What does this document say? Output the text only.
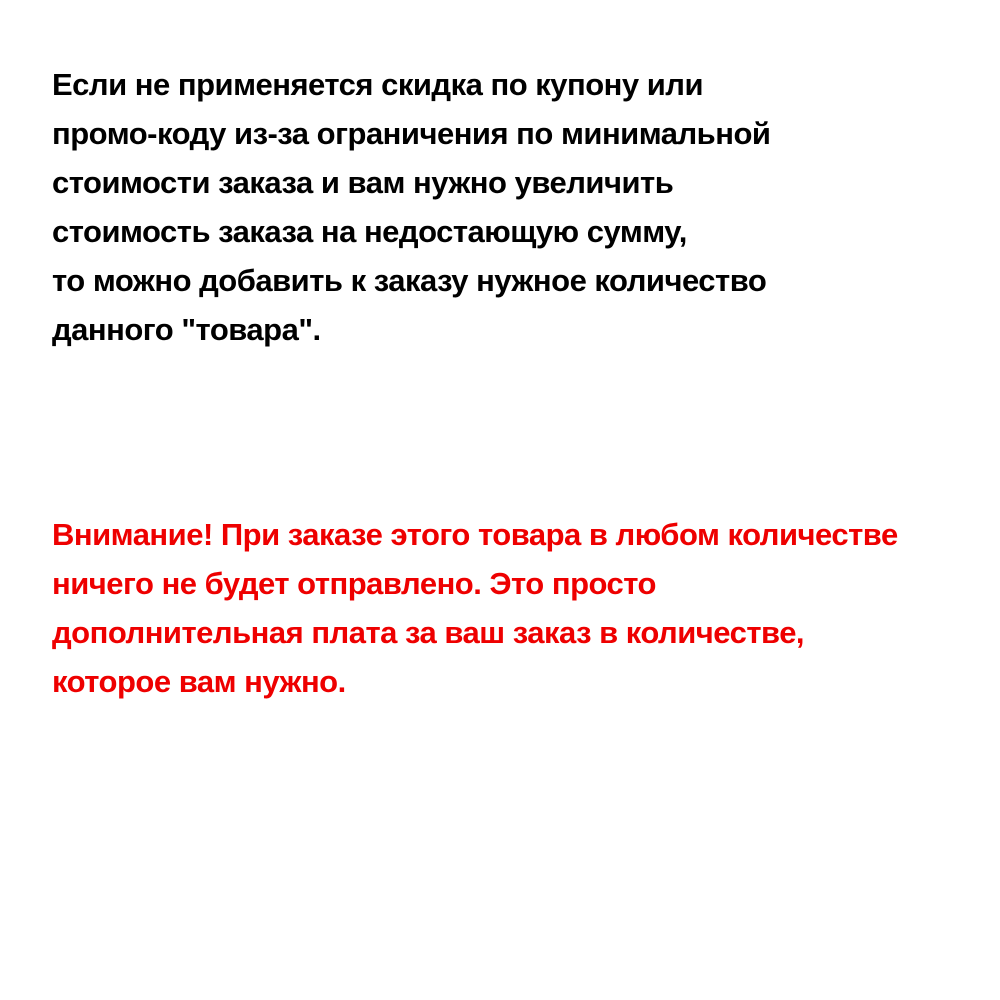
Если не применяется скидка по купону или
промо-коду из-за ограничения по минимальной
стоимости заказа и вам нужно увеличить
стоимость заказа на недостающую сумму,
то можно добавить к заказу нужное количество
данного "товара".
Внимание! При заказе этого товара в любом количестве
ничего не будет отправлено. Это просто
дополнительная плата за ваш заказ в количестве,
которое вам нужно.
